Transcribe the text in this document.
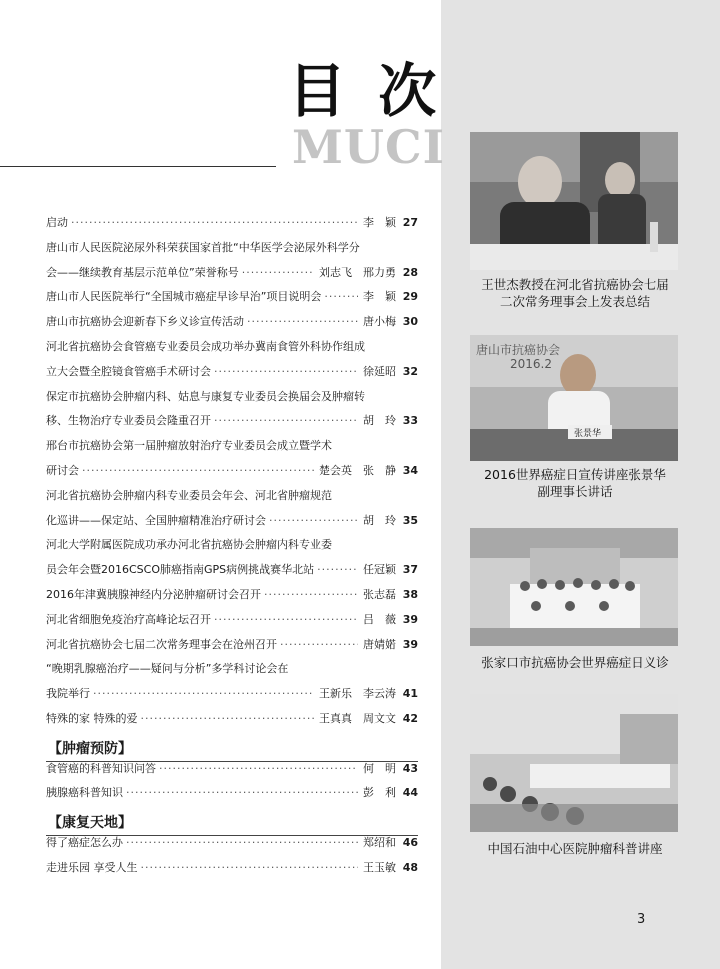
目 次
MUCI
启动 ·····	李　颖 27
唐山市人民医院泌尿外科荣获国家首批“中华医学会泌尿外科学分
会——继续教育基层示范单位”荣誉称号 ·····	刘志飞　邢力勇 28
唐山市人民医院举行“全国城市癌症早诊早治”项目说明会 ·····	李　颖 29
唐山市抗癌协会迎新春下乡义诊宣传活动 ·····	唐小梅 30
河北省抗癌协会食管癌专业委员会成功举办冀南食管外科协作组成
立大会暨全腔镜食管癌手术研讨会 ·····	徐延昭 32
保定市抗癌协会肿瘤内科、姑息与康复专业委员会换届会及肿瘤转
移、生物治疗专业委员会隆重召开 ·····	胡　玲 33
邢台市抗癌协会第一届肿瘤放射治疗专业委员会成立暨学术
研讨会 ·····	楚会英　张　静 34
河北省抗癌协会肿瘤内科专业委员会年会、河北省肿瘤规范
化巡讲——保定站、全国肿瘤精准治疗研讨会 ·····	胡　玲 35
河北大学附属医院成功承办河北省抗癌协会肿瘤内科专业委
员会年会暨2016CSCO肺癌指南GPS病例挑战赛华北站 ·····	任冠颖 37
2016年津冀胰腺神经内分泌肿瘤研讨会召开 ·····	张志磊 38
河北省细胞免疫治疗高峰论坛召开 ·····	吕　薇 39
河北省抗癌协会七届二次常务理事会在沧州召开 ·····	唐婧婼 39
“晚期乳腺癌治疗——疑问与分析”多学科讨论会在
我院举行 ·····	王新乐　李云涛 41
特殊的家 特殊的爱 ·····	王真真　周文文 42
【肿瘤预防】
食管癌的科普知识问答 ·····	何　明 43
胰腺癌科普知识 ·····	彭　利 44
【康复天地】
得了癌症怎么办 ·····	郑绍和 46
走进乐园 享受人生 ·····	王玉敏 48
王世杰教授在河北省抗癌协会七届
二次常务理事会上发表总结
唐山市抗癌协会
2016.2
张景华
2016世界癌症日宣传讲座张景华
副理事长讲话
张家口市抗癌协会世界癌症日义诊
中国石油中心医院肿瘤科普讲座
3
